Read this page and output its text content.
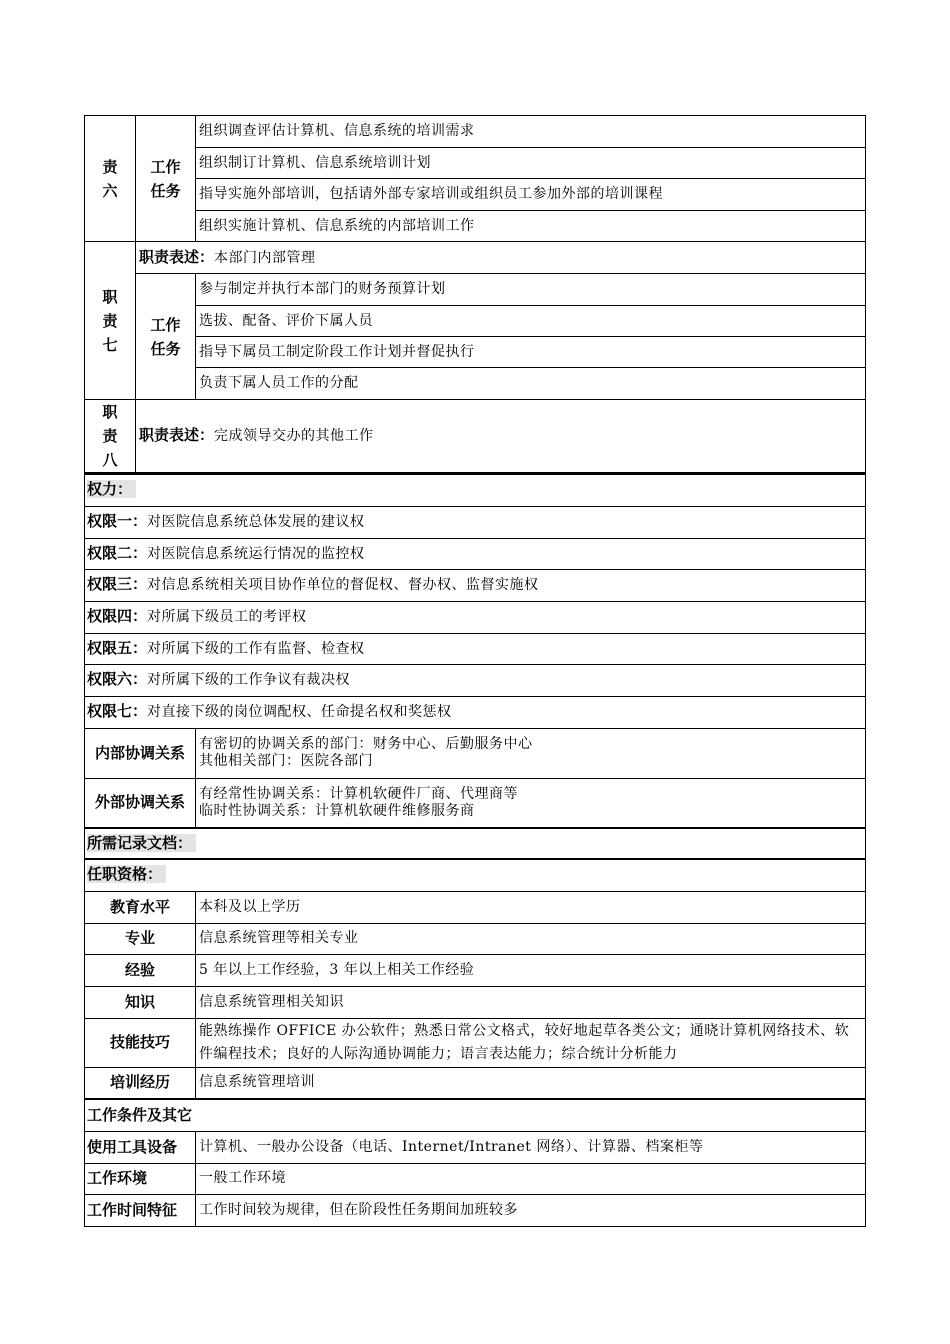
责六	工作任务	组织调查评估计算机、信息系统的培训需求
		组织制订计算机、信息系统培训计划
		指导实施外部培训，包括请外部专家培训或组织员工参加外部的培训课程
		组织实施计算机、信息系统的内部培训工作
职责七	职责表述：本部门内部管理	
	工作任务	参与制定并执行本部门的财务预算计划
		选拔、配备、评价下属人员
		指导下属员工制定阶段工作计划并督促执行
		负责下属人员工作的分配
职责八	职责表述：完成领导交办的其他工作	
权力：	
权限一：对医院信息系统总体发展的建议权	
权限二：对医院信息系统运行情况的监控权	
权限三：对信息系统相关项目协作单位的督促权、督办权、监督实施权	
权限四：对所属下级员工的考评权	
权限五：对所属下级的工作有监督、检查权	
权限六：对所属下级的工作争议有裁决权	
权限七：对直接下级的岗位调配权、任命提名权和奖惩权	
内部协调关系	有密切的协调关系的部门：财务中心、后勤服务中心
其他相关部门：医院各部门

外部协调关系	有经常性协调关系：计算机软硬件厂商、代理商等
临时性协调关系：计算机软硬件维修服务商

所需记录文档：	
任职资格：	
教育水平	本科及以上学历
专业	信息系统管理等相关专业
经验	5 年以上工作经验，3 年以上相关工作经验
知识	信息系统管理相关知识
技能技巧	能熟练操作 OFFICE 办公软件；熟悉日常公文格式，较好地起草各类公文；通晓计算机网络技术、软件编程技术；良好的人际沟通协调能力；语言表达能力；综合统计分析能力
培训经历	信息系统管理培训
工作条件及其它	
使用工具设备	计算机、一般办公设备（电话、Internet/Intranet 网络）、计算器、档案柜等
工作环境	一般工作环境
工作时间特征	工作时间较为规律，但在阶段性任务期间加班较多
